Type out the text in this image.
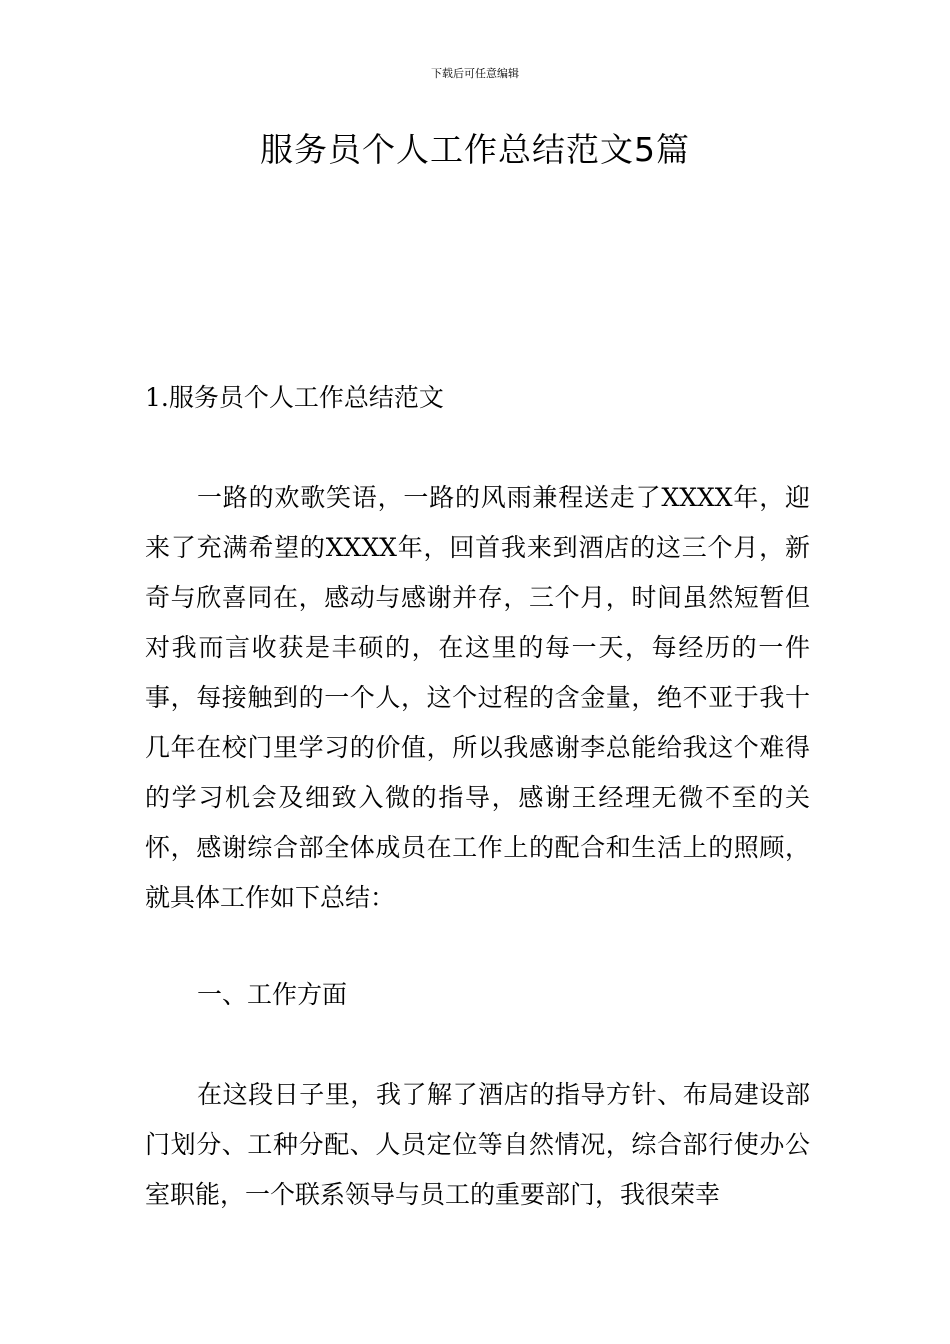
下载后可任意编辑
服务员个人工作总结范文5篇

1.服务员个人工作总结范文

一路的欢歌笑语，一路的风雨兼程送走了XXXX年，迎来了充满希望的XXXX年，回首我来到酒店的这三个月，新奇与欣喜同在，感动与感谢并存，三个月，时间虽然短暂但对我而言收获是丰硕的，在这里的每一天，每经历的一件事，每接触到的一个人，这个过程的含金量，绝不亚于我十几年在校门里学习的价值，所以我感谢李总能给我这个难得的学习机会及细致入微的指导，感谢王经理无微不至的关怀，感谢综合部全体成员在工作上的配合和生活上的照顾，就具体工作如下总结：

一、工作方面

在这段日子里，我了解了酒店的指导方针、布局建设部门划分、工种分配、人员定位等自然情况，综合部行使办公室职能，一个联系领导与员工的重要部门，我很荣幸
